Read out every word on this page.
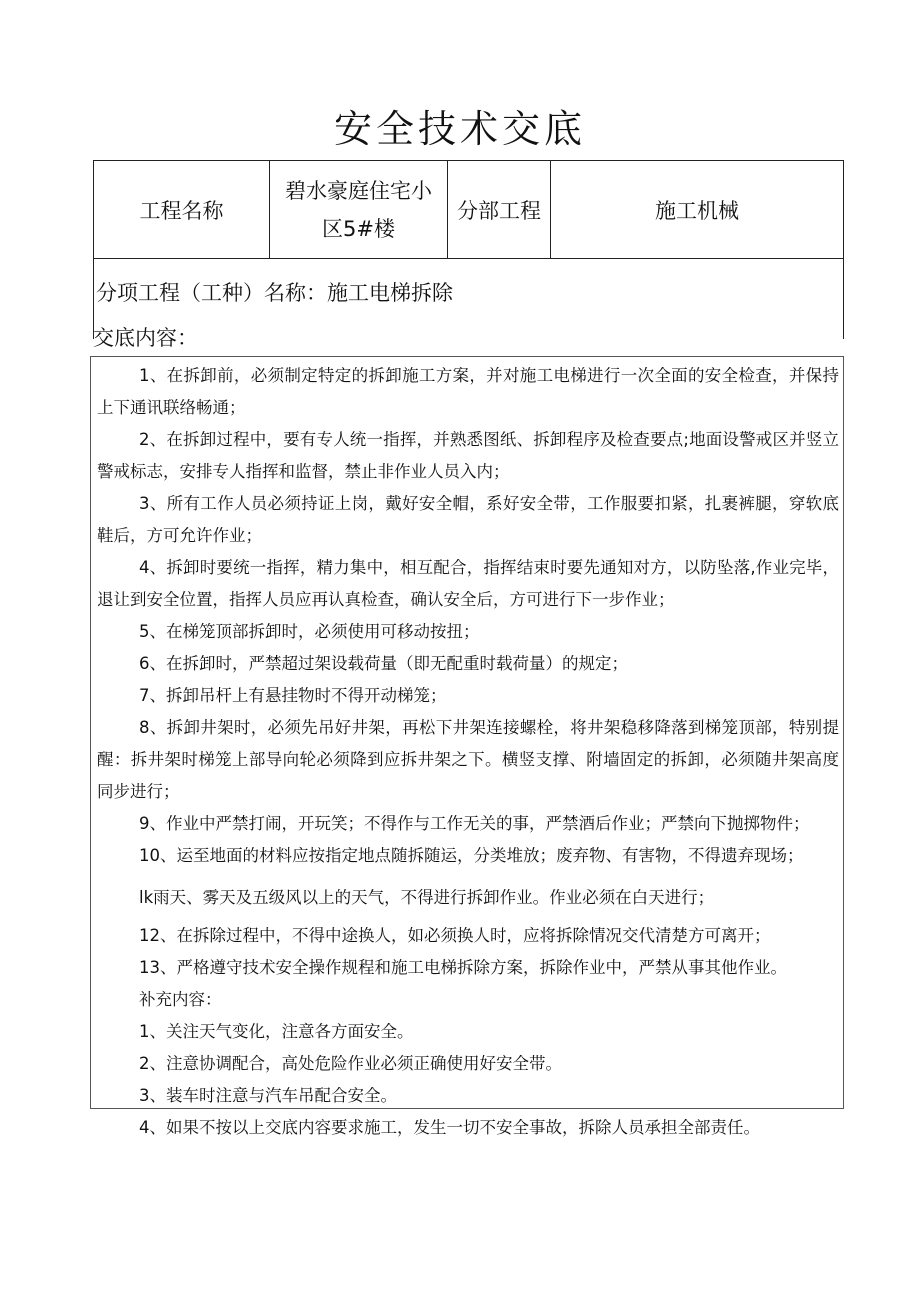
安全技术交底
工程名称	碧水豪庭住宅小区5#楼	分部工程	施工机械
分项工程（工种）名称：施工电梯拆除
交底内容：
1、在拆卸前，必须制定特定的拆卸施工方案，并对施工电梯进行一次全面的安全检查，并保持上下通讯联络畅通；
2、在拆卸过程中，要有专人统一指挥，并熟悉图纸、拆卸程序及检查要点;地面设警戒区并竖立警戒标志，安排专人指挥和监督，禁止非作业人员入内；
3、所有工作人员必须持证上岗，戴好安全帽，系好安全带，工作服要扣紧，扎裹裤腿，穿软底鞋后，方可允许作业；
4、拆卸时要统一指挥，精力集中，相互配合，指挥结束时要先通知对方，以防坠落,作业完毕，退让到安全位置，指挥人员应再认真检查，确认安全后，方可进行下一步作业；
5、在梯笼顶部拆卸时，必须使用可移动按扭；
6、在拆卸时，严禁超过架设载荷量（即无配重时载荷量）的规定；
7、拆卸吊杆上有悬挂物时不得开动梯笼；
8、拆卸井架时，必须先吊好井架，再松下井架连接螺栓，将井架稳移降落到梯笼顶部，特别提醒：拆井架时梯笼上部导向轮必须降到应拆井架之下。横竖支撑、附墙固定的拆卸，必须随井架高度同步进行；
9、作业中严禁打闹，开玩笑；不得作与工作无关的事，严禁酒后作业；严禁向下抛掷物件；
10、运至地面的材料应按指定地点随拆随运，分类堆放；废弃物、有害物，不得遗弃现场；
lk雨天、雾天及五级风以上的天气，不得进行拆卸作业。作业必须在白天进行；
12、在拆除过程中，不得中途换人，如必须换人时，应将拆除情况交代清楚方可离开；
13、严格遵守技术安全操作规程和施工电梯拆除方案，拆除作业中，严禁从事其他作业。

补充内容：

1、关注天气变化，注意各方面安全。
2、注意协调配合，高处危险作业必须正确使用好安全带。
3、装车时注意与汽车吊配合安全。
4、如果不按以上交底内容要求施工，发生一切不安全事故，拆除人员承担全部责任。
